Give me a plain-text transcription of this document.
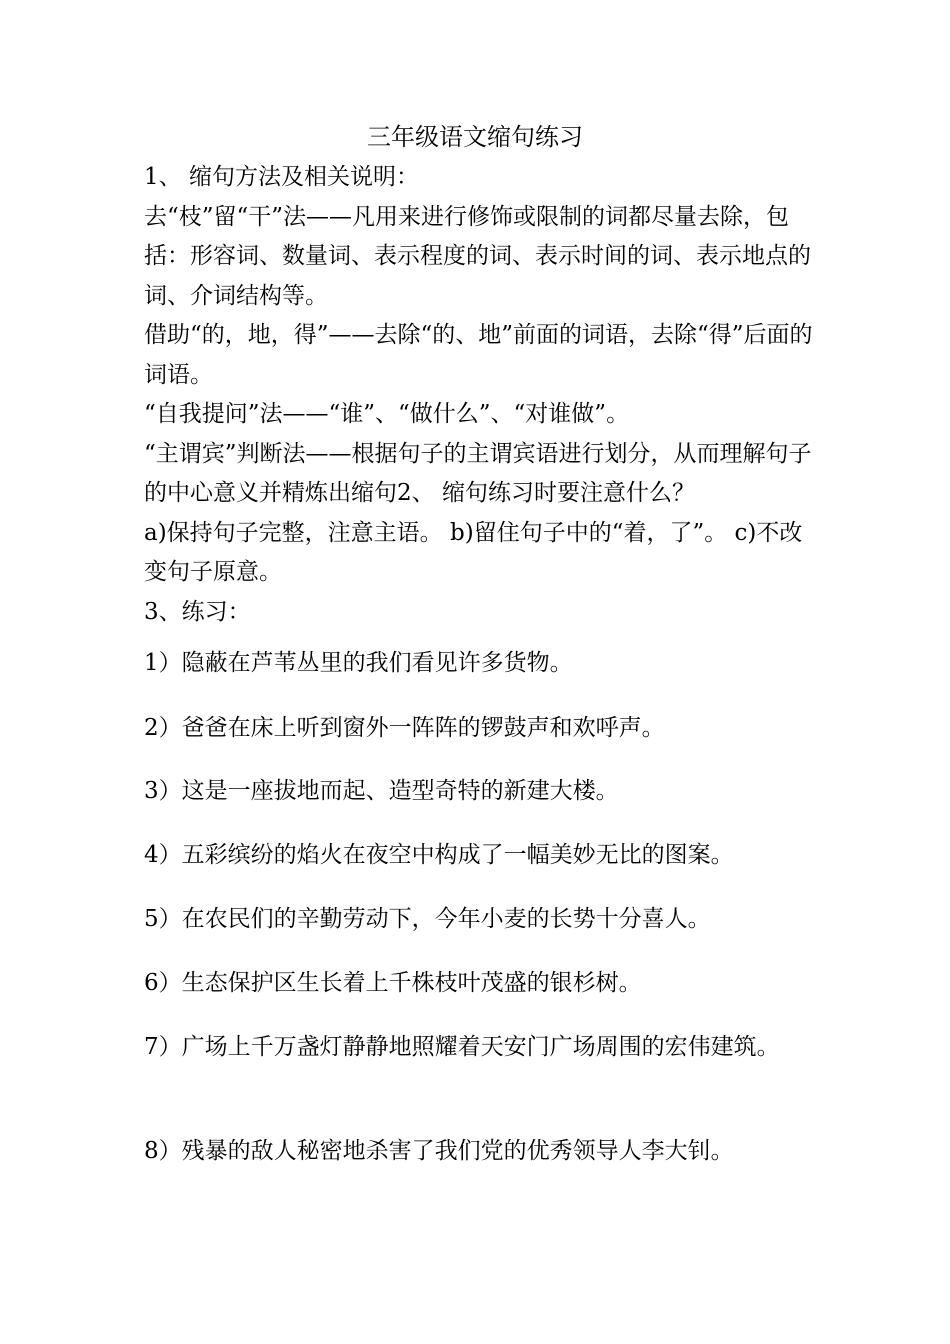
三年级语文缩句练习

1、 缩句方法及相关说明：

去“枝”留“干”法——凡用来进行修饰或限制的词都尽量去除，包括：形容词、数量词、表示程度的词、表示时间的词、表示地点的词、介词结构等。

借助“的，地，得”——去除“的、地”前面的词语，去除“得”后面的词语。

“自我提问”法——“谁”、“做什么”、“对谁做”。

“主谓宾”判断法——根据句子的主谓宾语进行划分，从而理解句子的中心意义并精炼出缩句2、 缩句练习时要注意什么？

a)保持句子完整，注意主语。 b)留住句子中的“着，了”。 c)不改变句子原意。

3、练习：

1）隐蔽在芦苇丛里的我们看见许多货物。

2）爸爸在床上听到窗外一阵阵的锣鼓声和欢呼声。

3）这是一座拔地而起、造型奇特的新建大楼。

4）五彩缤纷的焰火在夜空中构成了一幅美妙无比的图案。

5）在农民们的辛勤劳动下，今年小麦的长势十分喜人。

6）生态保护区生长着上千株枝叶茂盛的银杉树。

7）广场上千万盏灯静静地照耀着天安门广场周围的宏伟建筑。

8）残暴的敌人秘密地杀害了我们党的优秀领导人李大钊。
